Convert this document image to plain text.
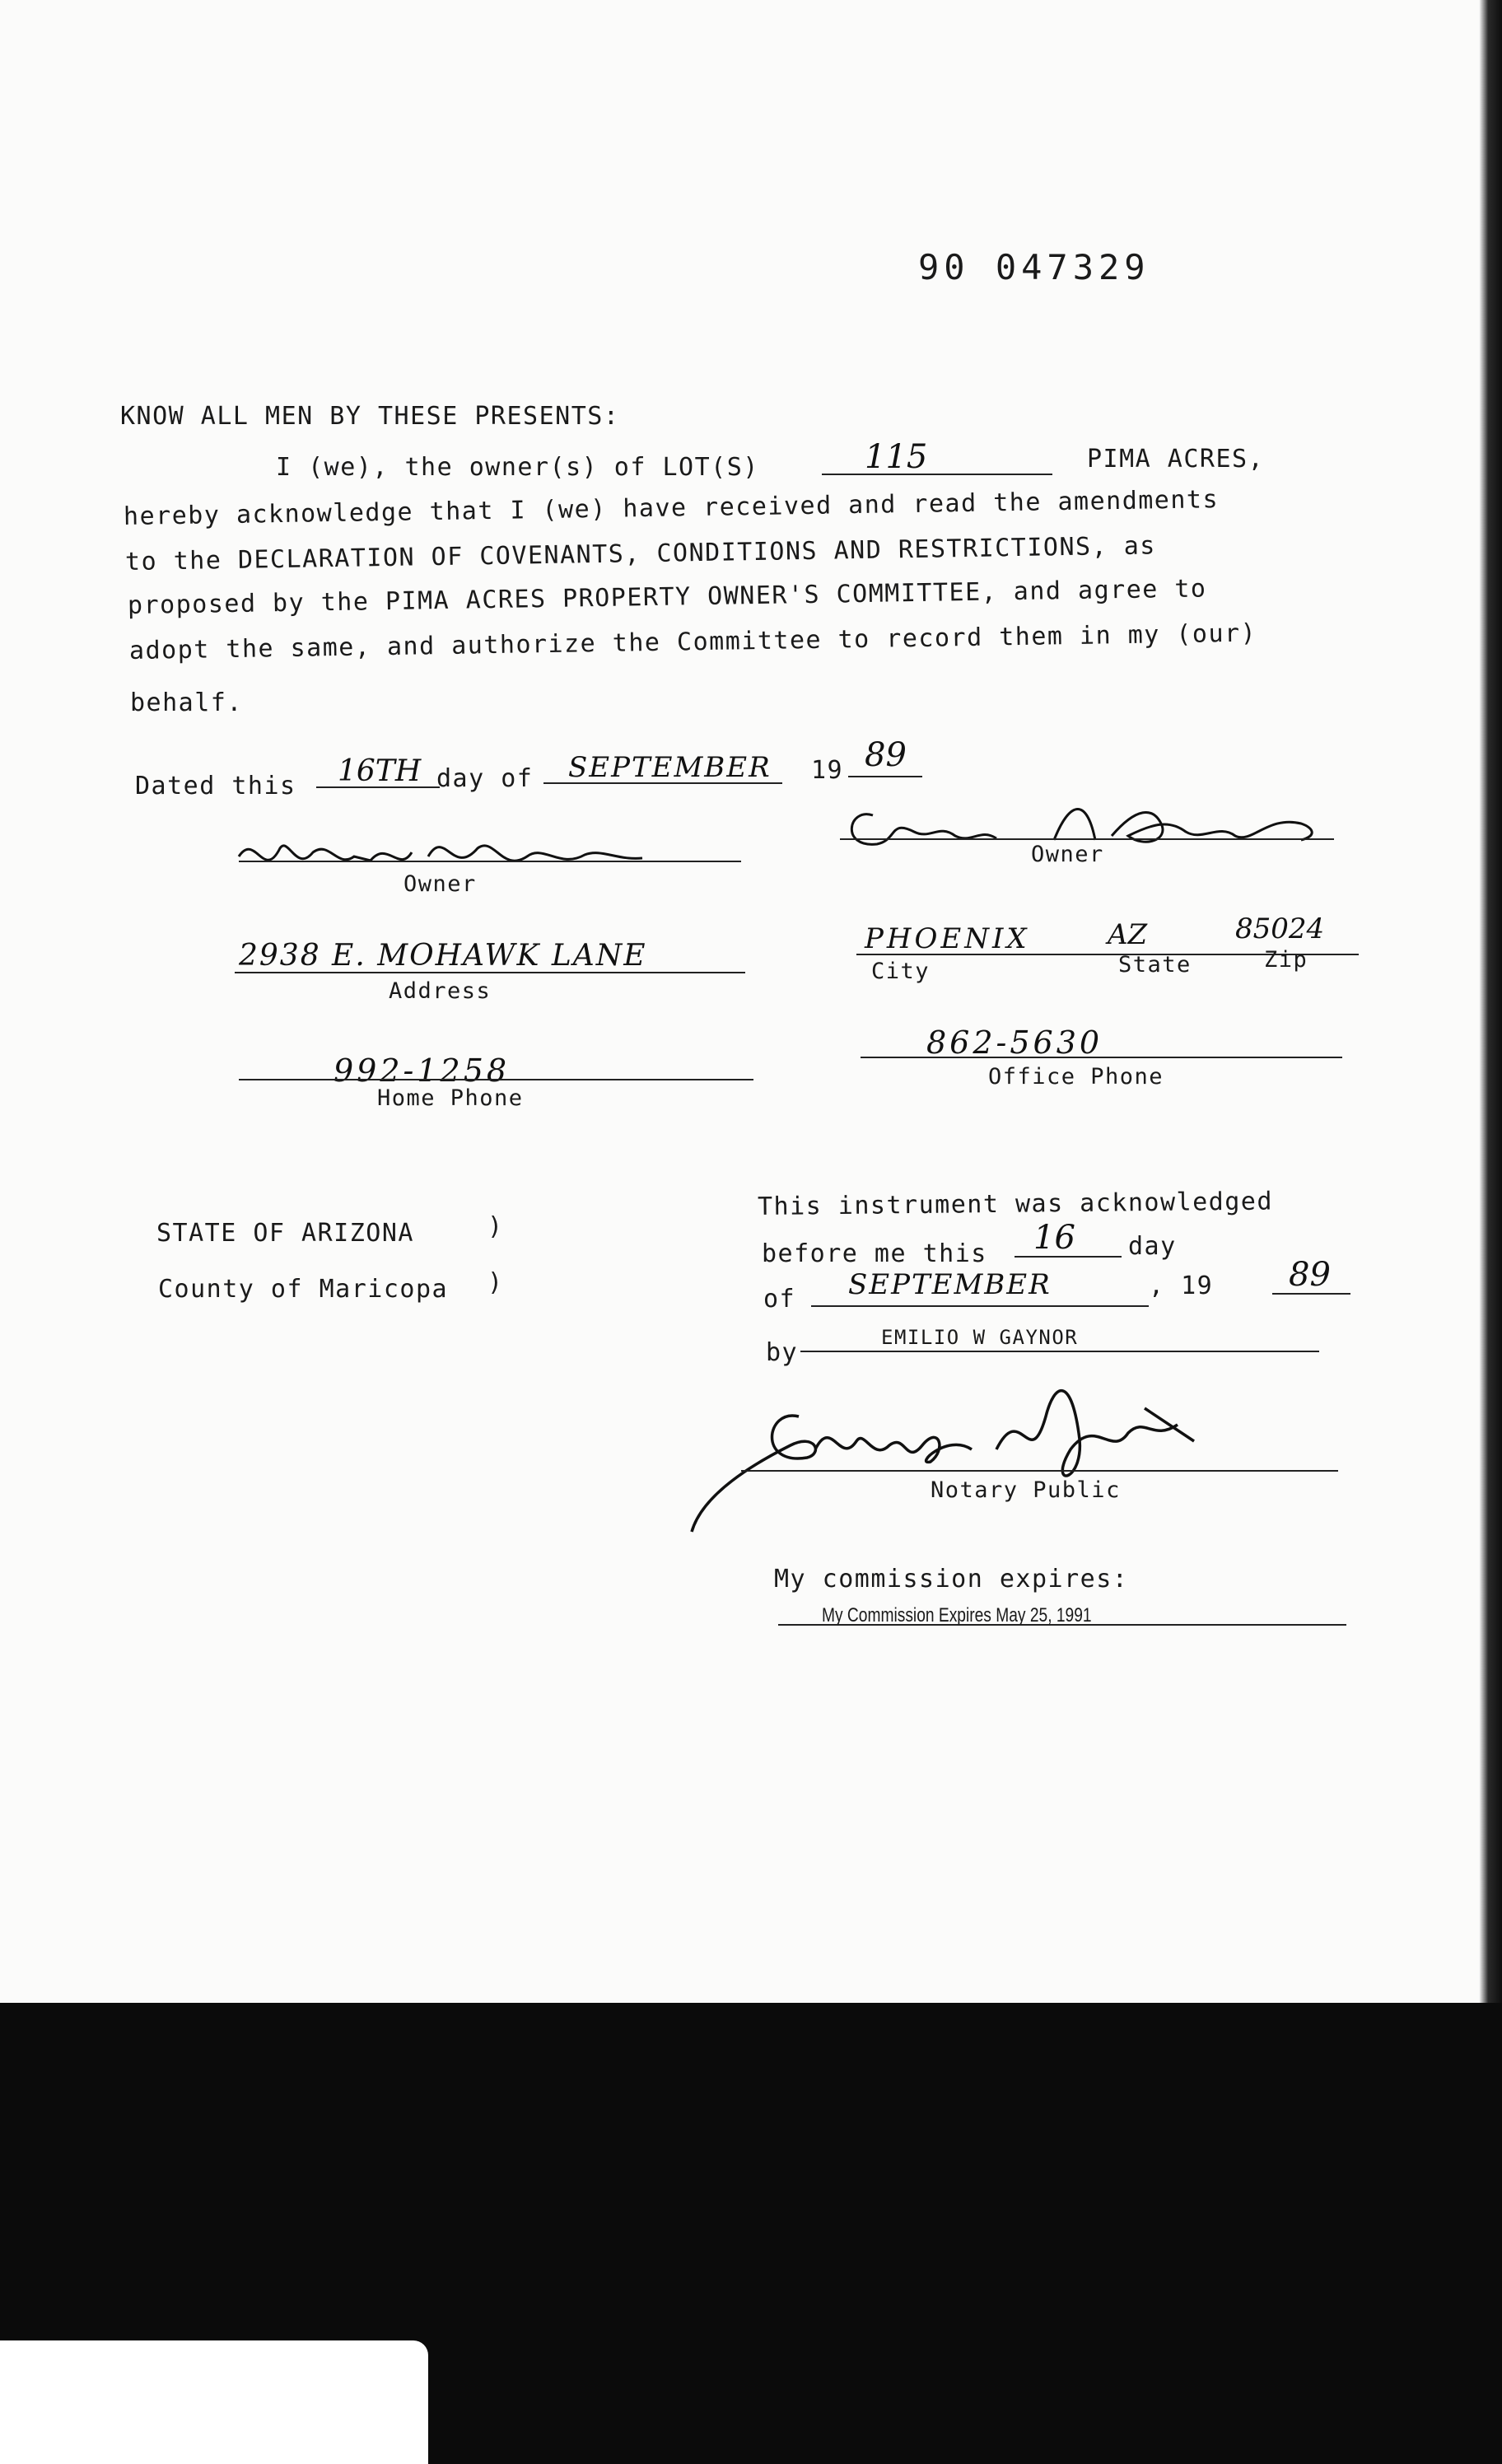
90 047329
KNOW ALL MEN BY THESE PRESENTS:
I (we), the owner(s) of LOT(S)	115	PIMA ACRES,
hereby acknowledge that I (we) have received and read the amendments
to the DECLARATION OF COVENANTS, CONDITIONS AND RESTRICTIONS, as
proposed by the PIMA ACRES PROPERTY OWNER'S COMMITTEE, and agree to
adopt the same, and authorize the Committee to record them in my (our)
behalf.
Dated this 16TH day of SEPTEMBER 19 89
Owner
Owner
2938 E. MOHAWK LANE
Address
PHOENIX	AZ	85024
City	State	Zip
992-1258
Home Phone
862-5630
Office Phone
STATE OF ARIZONA	)
County of Maricopa )
This instrument was acknowledged
before me this 16 day
of SEPTEMBER	, 19 89
by
EMILIO W GAYNOR
Notary Public
My commission expires:
My Commission Expires May 25, 1991
